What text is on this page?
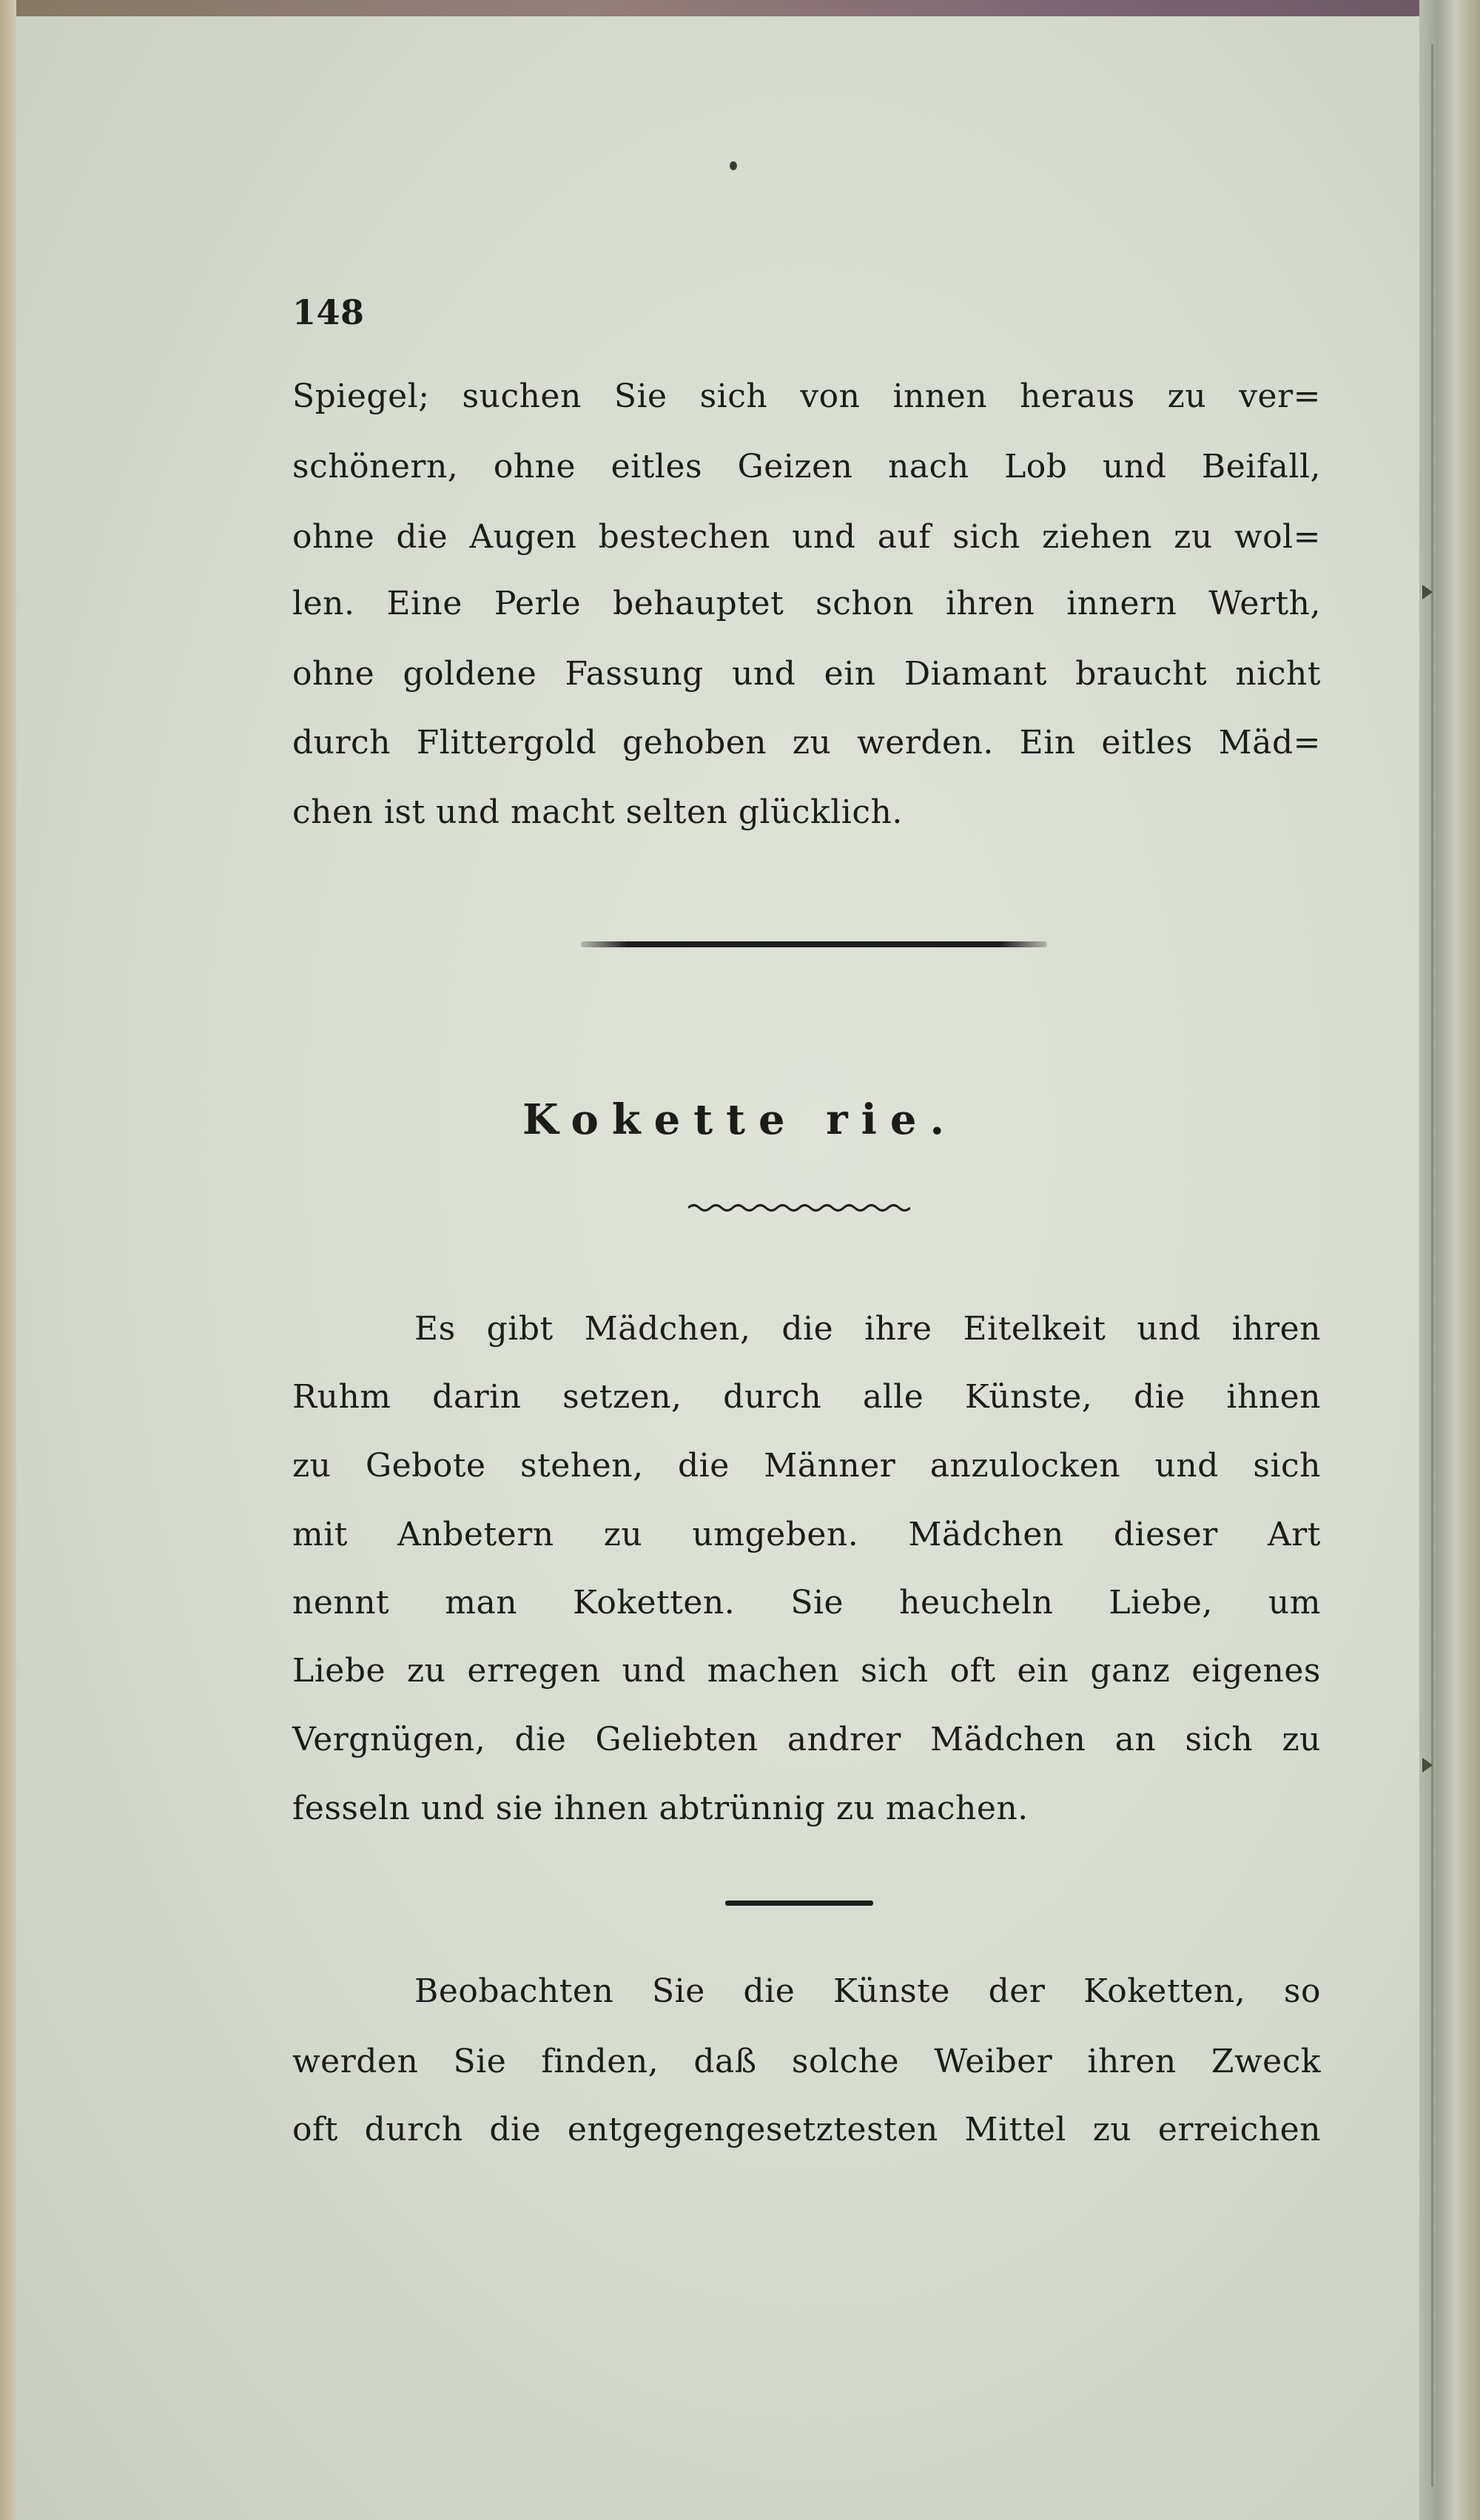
148
Spiegel; suchen Sie sich von innen heraus zu ver=
schönern, ohne eitles Geizen nach Lob und Beifall,
ohne die Augen bestechen und auf sich ziehen zu wol=
len. Eine Perle behauptet schon ihren innern Werth,
ohne goldene Fassung und ein Diamant braucht nicht
durch Flittergold gehoben zu werden. Ein eitles Mäd=
chen ist und macht selten glücklich.
Kokette rie.
Es gibt Mädchen, die ihre Eitelkeit und ihren
Ruhm darin setzen, durch alle Künste, die ihnen
zu Gebote stehen, die Männer anzulocken und sich
mit Anbetern zu umgeben. Mädchen dieser Art
nennt man Koketten. Sie heucheln Liebe, um
Liebe zu erregen und machen sich oft ein ganz eigenes
Vergnügen, die Geliebten andrer Mädchen an sich zu
fesseln und sie ihnen abtrünnig zu machen.
Beobachten Sie die Künste der Koketten, so
werden Sie finden, daß solche Weiber ihren Zweck
oft durch die entgegengesetztesten Mittel zu erreichen
